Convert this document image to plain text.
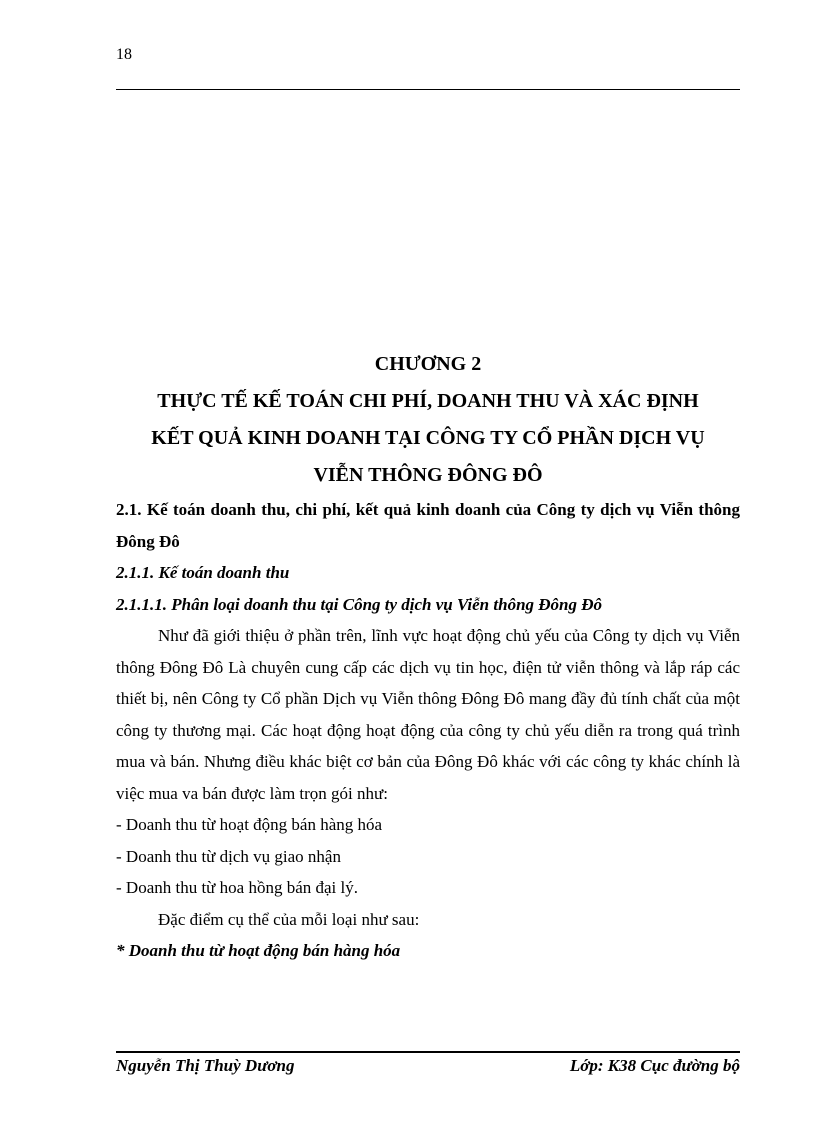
18
CHƯƠNG 2
THỰC TẾ KẾ TOÁN CHI PHÍ, DOANH THU VÀ XÁC ĐỊNH
KẾT QUẢ KINH DOANH TẠI CÔNG TY CỔ PHẦN DỊCH VỤ
VIỄN THÔNG ĐÔNG ĐÔ
2.1. Kế toán doanh thu, chi phí, kết quả kinh doanh của Công ty dịch vụ Viễn thông Đông Đô
2.1.1. Kế toán doanh thu
2.1.1.1. Phân loại doanh thu tại Công ty dịch vụ Viễn thông Đông Đô
Như đã giới thiệu ở phần trên, lĩnh vực hoạt động chủ yếu của Công ty dịch vụ Viễn thông Đông Đô Là chuyên cung cấp các dịch vụ tin học, điện tử viễn thông và lắp ráp các thiết bị, nên Công ty Cổ phần Dịch vụ Viễn thông Đông Đô mang đầy đủ tính chất của một công ty thương mại. Các hoạt động hoạt động của công ty chủ yếu diễn ra trong quá trình mua và bán. Nhưng điều khác biệt cơ bản của Đông Đô khác với các công ty khác chính là việc mua va bán được làm trọn gói như:
- Doanh thu từ hoạt động bán hàng hóa
- Doanh thu từ dịch vụ giao nhận
- Doanh thu từ hoa hồng bán đại lý.
Đặc điểm cụ thể của mỗi loại như sau:
* Doanh thu từ hoạt động bán hàng hóa
Nguyễn Thị Thuỳ Dương	Lớp: K38 Cục đường bộ
